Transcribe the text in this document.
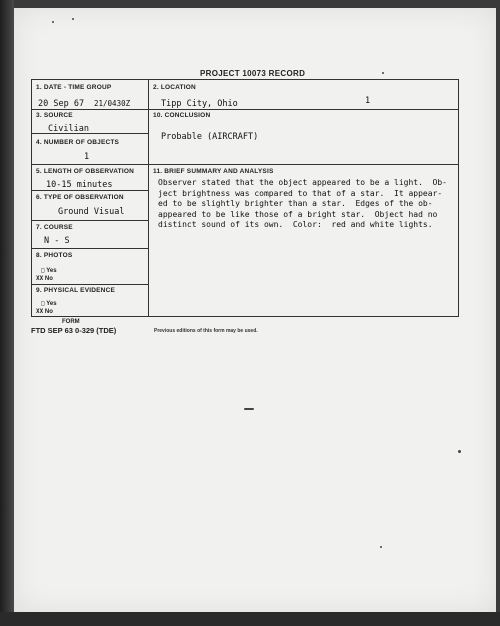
PROJECT 10073 RECORD
1. DATE - TIME GROUP
20 Sep 67 21/0430Z
2. LOCATION
Tipp City, Ohio	1
3. SOURCE
Civilian
10. CONCLUSION
Probable (AIRCRAFT)
4. NUMBER OF OBJECTS
1
5. LENGTH OF OBSERVATION
10-15 minutes
11. BRIEF SUMMARY AND ANALYSIS
6. TYPE OF OBSERVATION
Ground Visual
7. COURSE
N - S
8. PHOTOS
□ Yes
XX No
9. PHYSICAL EVIDENCE
□ Yes
XX No
Observer stated that the object appeared to be a light.  Ob-
ject brightness was compared to that of a star.  It appear-
ed to be slightly brighter than a star.  Edges of the ob-
appeared to be like those of a bright star.  Object had no
distinct sound of its own.  Color:  red and white lights.
FORM
FTD SEP 63 0-329 (TDE)	Previous editions of this form may be used.
